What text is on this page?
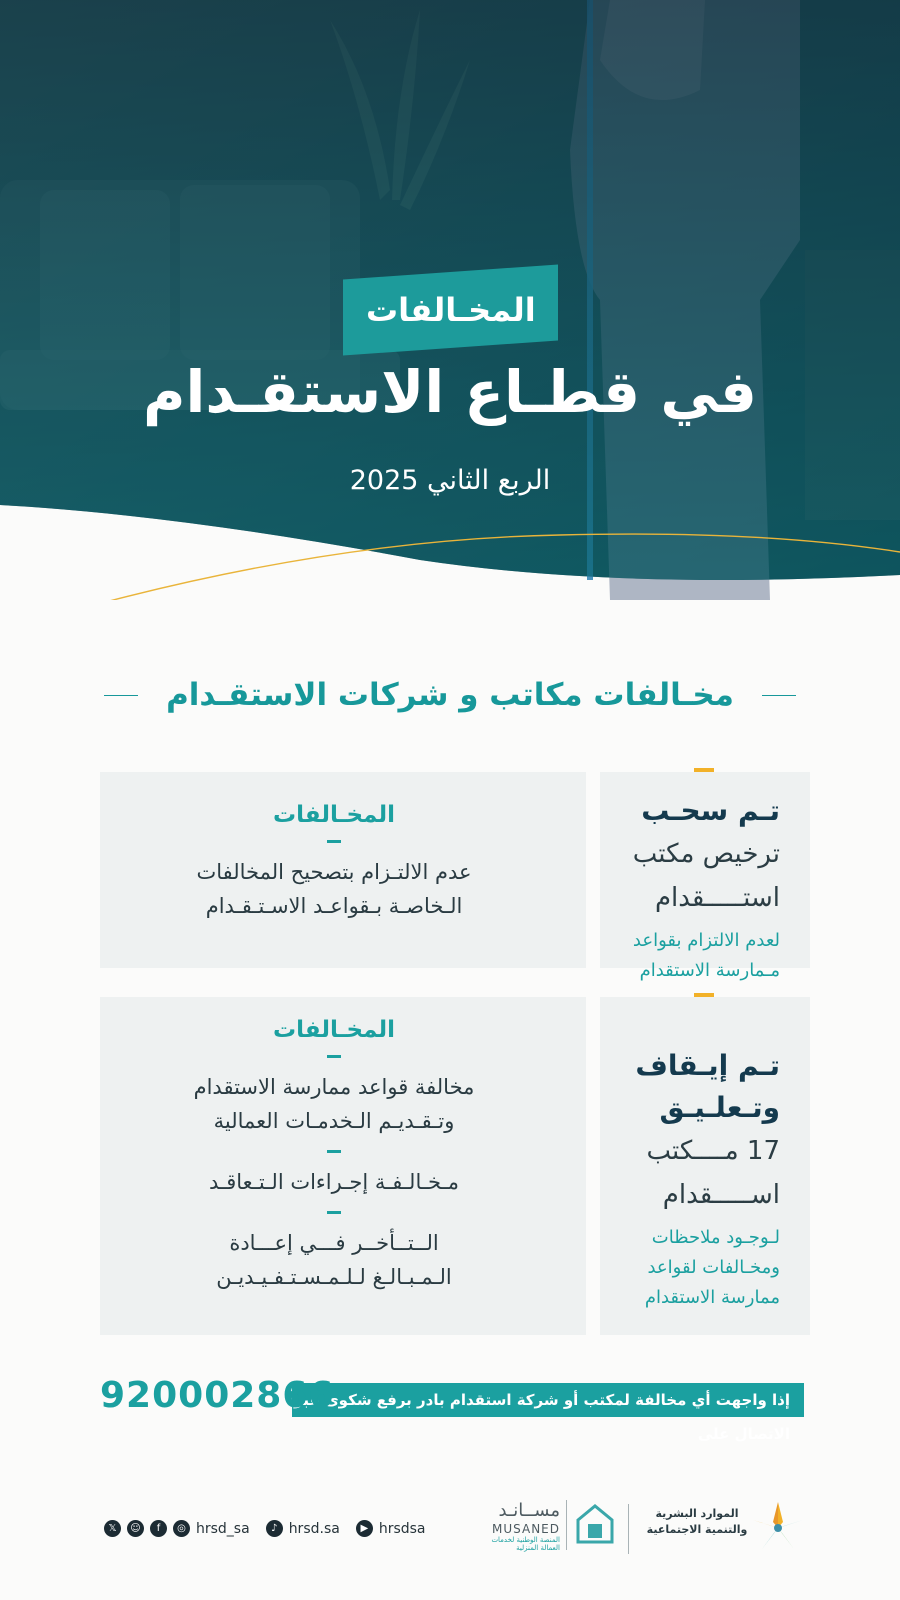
المخـالفات
في قطـاع الاستقـدام
الربع الثاني 2025
مخـالفات مكاتب و شركات الاستقـدام
تـم سحـب
ترخيص مكتب
استـــــقدام
لعدم الالتزام بقواعد
مـمارسة الاستقدام
المخـالفات
عدم الالتـزام بتصحيح المخالفات
الـخاصـة بـقواعـد الاسـتـقـدام
تـم إيـقاف وتـعلـيـق
17 مــــكتب
اســـــقدام
لـوجـود ملاحظات
ومخـالفات لقواعد
ممارسة الاستقدام
المخـالفات
مخالفة قواعد ممارسة الاستقدام
وتـقـديـم الـخدمـات العمالية
مـخـالـفـة إجـراءات الـتـعاقـد
الــتــأخــر فـــي إعـــادة
الـمـبـالـغ لـلـمـسـتـفـيـديـن
إذا واجهت أي مخالفة لمكتب أو شركة استقدام بادر برفع شكوى عبر الاتصال على
920002866
𝕏	☺	f	◎ hrsd_sa	♪ hrsd.sa	▶ hrsdsa
مســانـد
MUSANED
المنصة الوطنية لخدمات العمالة المنزلية
الموارد البشرية والتنمية الاجتماعية
